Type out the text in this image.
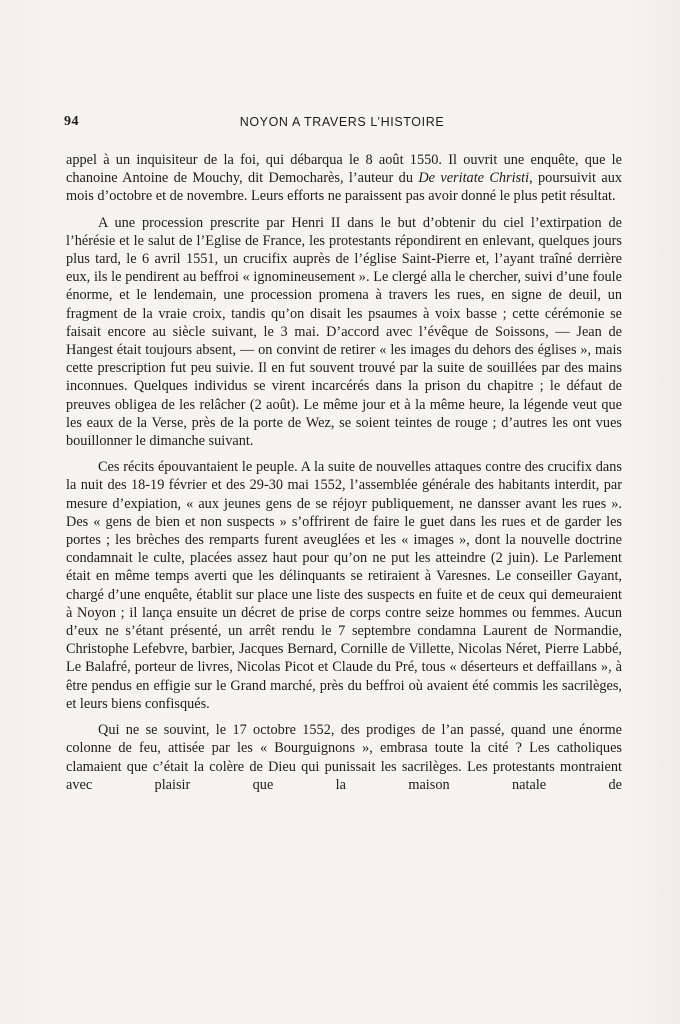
94	NOYON A TRAVERS L’HISTOIRE

appel à un inquisiteur de la foi, qui débarqua le 8 août 1550. Il ouvrit une enquête, que le chanoine Antoine de Mouchy, dit Democharès, l’auteur du De veritate Christi, poursuivit aux mois d’octobre et de novembre. Leurs efforts ne paraissent pas avoir donné le plus petit résultat.

A une procession prescrite par Henri II dans le but d’obtenir du ciel l’extirpation de l’hérésie et le salut de l’Eglise de France, les protestants répondirent en enlevant, quelques jours plus tard, le 6 avril 1551, un crucifix auprès de l’église Saint-Pierre et, l’ayant traîné derrière eux, ils le pendirent au beffroi « ignomineusement ». Le clergé alla le chercher, suivi d’une foule énorme, et le lendemain, une procession promena à travers les rues, en signe de deuil, un fragment de la vraie croix, tandis qu’on disait les psaumes à voix basse ; cette cérémonie se faisait encore au siècle suivant, le 3 mai. D’accord avec l’évêque de Soissons, — Jean de Hangest était toujours absent, — on convint de retirer « les images du dehors des églises », mais cette prescription fut peu suivie. Il en fut souvent trouvé par la suite de souillées par des mains inconnues. Quelques individus se virent incarcérés dans la prison du chapitre ; le défaut de preuves obligea de les relâcher (2 août). Le même jour et à la même heure, la légende veut que les eaux de la Verse, près de la porte de Wez, se soient teintes de rouge ; d’autres les ont vues bouillonner le dimanche suivant.

Ces récits épouvantaient le peuple. A la suite de nouvelles attaques contre des crucifix dans la nuit des 18-19 février et des 29-30 mai 1552, l’assemblée générale des habitants interdit, par mesure d’expiation, « aux jeunes gens de se réjoyr publiquement, ne dansser avant les rues ». Des « gens de bien et non suspects » s’offrirent de faire le guet dans les rues et de garder les portes ; les brèches des remparts furent aveuglées et les « images », dont la nouvelle doctrine condamnait le culte, placées assez haut pour qu’on ne put les atteindre (2 juin). Le Parlement était en même temps averti que les délinquants se retiraient à Varesnes. Le conseiller Gayant, chargé d’une enquête, établit sur place une liste des suspects en fuite et de ceux qui demeuraient à Noyon ; il lança ensuite un décret de prise de corps contre seize hommes ou femmes. Aucun d’eux ne s’étant présenté, un arrêt rendu le 7 septembre condamna Laurent de Normandie, Christophe Lefebvre, barbier, Jacques Bernard, Cornille de Villette, Nicolas Néret, Pierre Labbé, Le Balafré, porteur de livres, Nicolas Picot et Claude du Pré, tous « déserteurs et deffaillans », à être pendus en effigie sur le Grand marché, près du beffroi où avaient été commis les sacrilèges, et leurs biens confisqués.

Qui ne se souvint, le 17 octobre 1552, des prodiges de l’an passé, quand une énorme colonne de feu, attisée par les « Bourguignons », embrasa toute la cité ? Les catholiques clamaient que c’était la colère de Dieu qui punissait les sacrilèges. Les protestants montraient avec plaisir que la maison natale de
